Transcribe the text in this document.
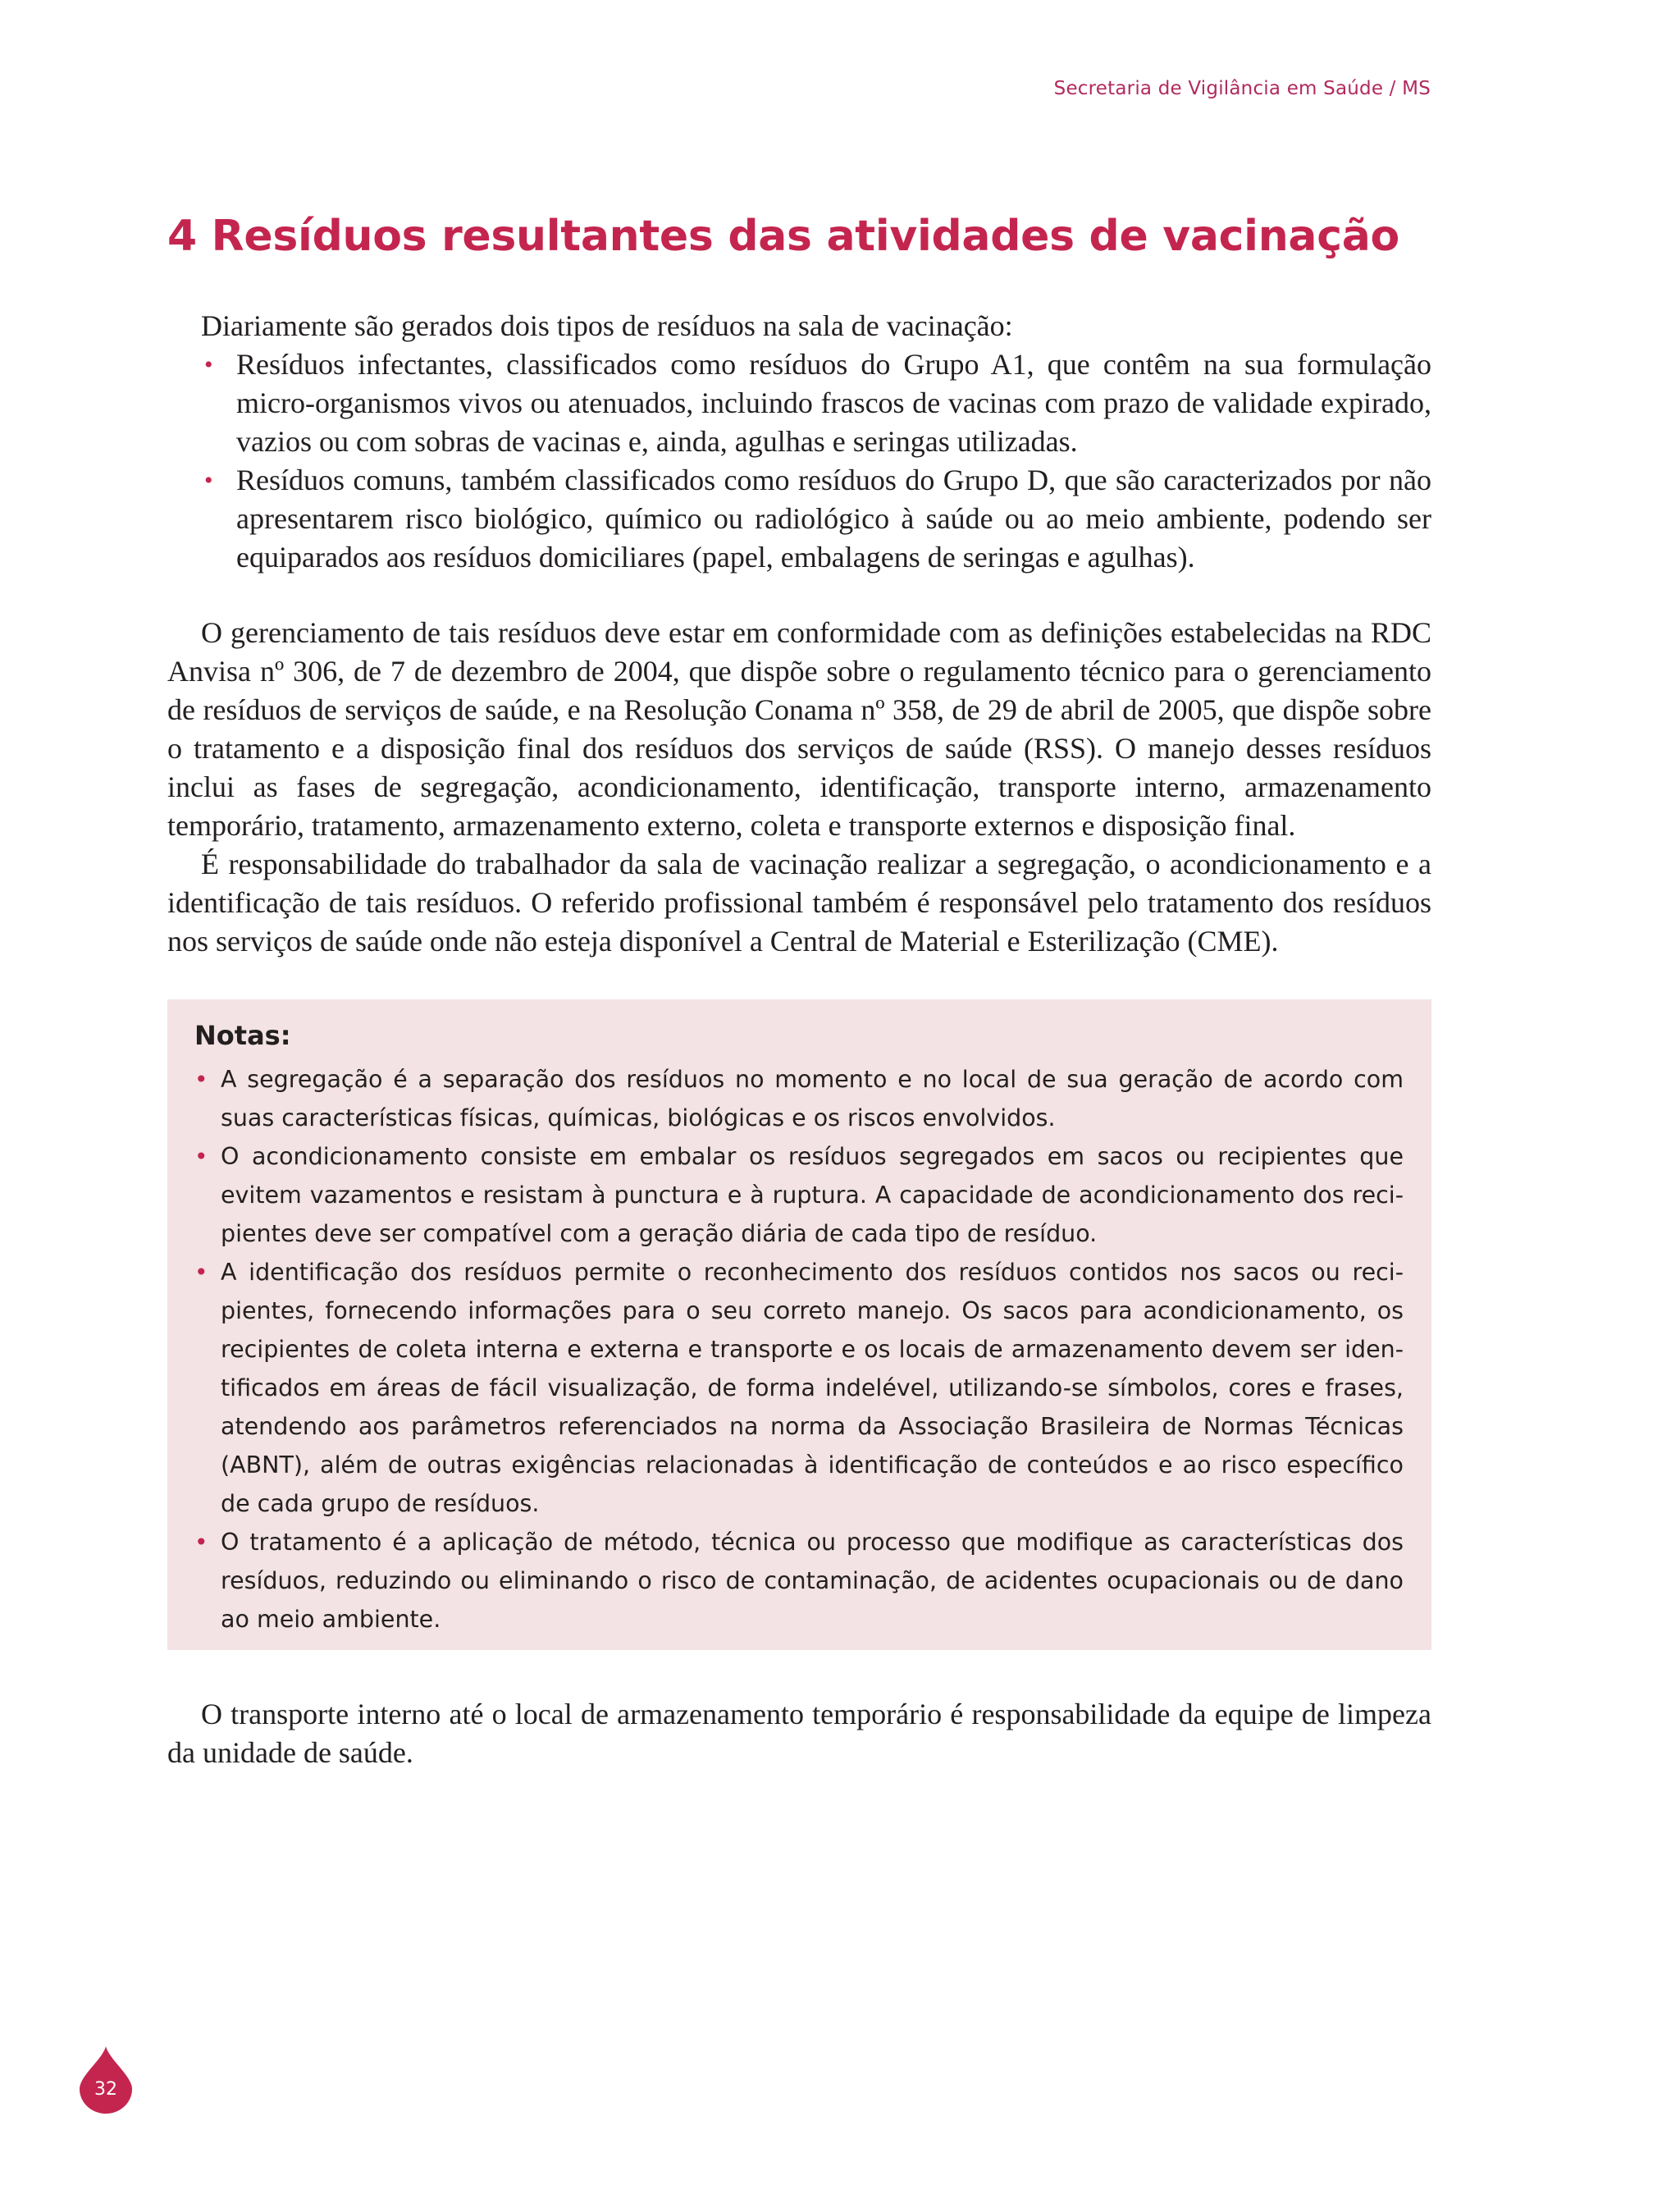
Secretaria de Vigilância em Saúde / MS
4 Resíduos resultantes das atividades de vacinação

Diariamente são gerados dois tipos de resíduos na sala de vacinação:

• Resíduos infectantes, classificados como resíduos do Grupo A1, que contêm na sua formulação micro-organismos vivos ou atenuados, incluindo frascos de vacinas com prazo de validade expirado, vazios ou com sobras de vacinas e, ainda, agulhas e seringas utilizadas.
• Resíduos comuns, também classificados como resíduos do Grupo D, que são caracterizados por não apresentarem risco biológico, químico ou radiológico à saúde ou ao meio ambiente, podendo ser equiparados aos resíduos domiciliares (papel, embalagens de seringas e agulhas).

O gerenciamento de tais resíduos deve estar em conformidade com as definições estabelecidas na RDC Anvisa nº 306, de 7 de dezembro de 2004, que dispõe sobre o regulamento técnico para o gerenciamento de resíduos de serviços de saúde, e na Resolução Conama nº 358, de 29 de abril de 2005, que dispõe sobre o tratamento e a disposição final dos resíduos dos serviços de saúde (RSS). O manejo desses resíduos inclui as fases de segregação, acondicionamento, identificação, transporte interno, armazenamento temporário, tratamento, armazenamento externo, coleta e transporte externos e disposição final.

É responsabilidade do trabalhador da sala de vacinação realizar a segregação, o acondicionamento e a identificação de tais resíduos. O referido profissional também é responsável pelo tratamento dos resíduos nos serviços de saúde onde não esteja disponível a Central de Material e Esterilização (CME).

Notas:
• A segregação é a separação dos resíduos no momento e no local de sua geração de acordo com suas características físicas, químicas, biológicas e os riscos envolvidos.
• O acondicionamento consiste em embalar os resíduos segregados em sacos ou recipientes que evitem vazamentos e resistam à punctura e à ruptura. A capacidade de acondicionamento dos recipientes deve ser compatível com a geração diária de cada tipo de resíduo.
• A identificação dos resíduos permite o reconhecimento dos resíduos contidos nos sacos ou recipientes, fornecendo informações para o seu correto manejo. Os sacos para acondicionamento, os recipientes de coleta interna e externa e transporte e os locais de armazenamento devem ser identificados em áreas de fácil visualização, de forma indelével, utilizando-se símbolos, cores e frases, atendendo aos parâmetros referenciados na norma da Associação Brasileira de Normas Técnicas (ABNT), além de outras exigências relacionadas à identificação de conteúdos e ao risco específico de cada grupo de resíduos.
• O tratamento é a aplicação de método, técnica ou processo que modifique as características dos resíduos, reduzindo ou eliminando o risco de contaminação, de acidentes ocupacionais ou de dano ao meio ambiente.

O transporte interno até o local de armazenamento temporário é responsabilidade da equipe de limpeza da unidade de saúde.

32
